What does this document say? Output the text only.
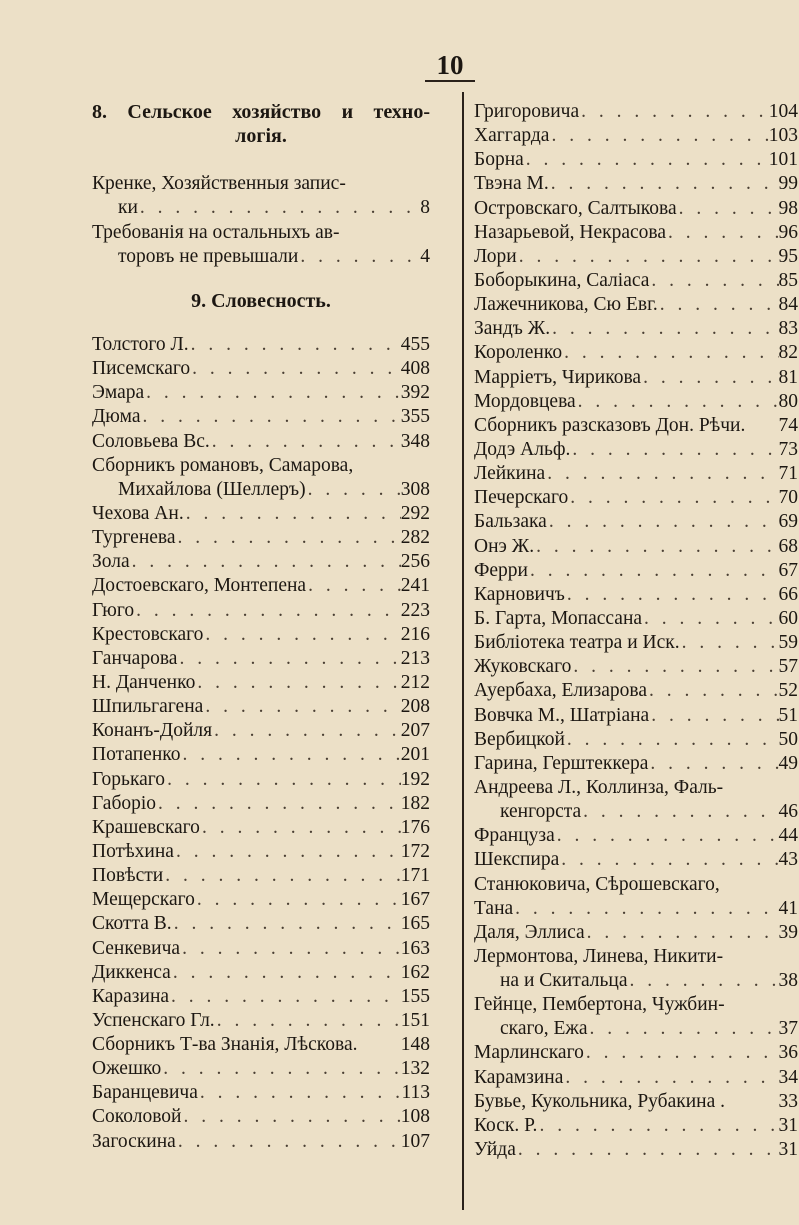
10
8. Сельское хозяйство и техно-
логія.
Кренке, Хозяйственныя запис-
ки . . .	8
Требованія на остальныхъ ав-
торовъ не превышали . . .	4
9. Словесность.
Толстого Л. . . .	455
Писемскаго . . .	408
Эмара . . .	392
Дюма . . .	355
Соловьева Вс. . . .	348
Сборникъ романовъ, Самарова,
Михайлова (Шеллеръ) . . .	308
Чехова Ан. . . .	292
Тургенева . . .	282
Зола . . .	256
Достоевскаго, Монтепена . . .	241
Гюго . . .	223
Крестовскаго . . .	216
Ганчарова . . .	213
Н. Данченко . . .	212
Шпильгагена . . .	208
Конанъ-Дойля . . .	207
Потапенко . . .	201
Горькаго . . .	192
Габоріо . . .	182
Крашевскаго . . .	176
Потѣхина . . .	172
Повѣсти . . .	171
Мещерскаго . . .	167
Скотта В. . . .	165
Сенкевича . . .	163
Диккенса . . .	162
Каразина . . .	155
Успенскаго Гл. . . .	151
Сборникъ Т-ва Знанія, Лѣскова. 148
Ожешко . . .	132
Баранцевича . . .	113
Соколовой . . .	108
Загоскина . . .	107
Григоровича . . .	104
Хаггарда . . .	103
Борна . . .	101
Твэна М. . . .	99
Островскаго, Салтыкова . . .	98
Назарьевой, Некрасова . . .	96
Лори . . .	95
Боборыкина, Саліаса . . .	85
Лажечникова, Сю Евг. . . .	84
Зандъ Ж. . . .	83
Короленко . . .	82
Марріетъ, Чирикова . . .	81
Мордовцева . . .	80
Сборникъ разсказовъ Дон. Рѣчи. 74
Додэ Альф. . . .	73
Лейкина . . .	71
Печерскаго . . .	70
Бальзака . . .	69
Онэ Ж. . . .	68
Ферри . . .	67
Карновичъ . . .	66
Б. Гарта, Мопассана . . .	60
Библіотека театра и Иск. . . .	59
Жуковскаго . . .	57
Ауербаха, Елизарова . . .	52
Вовчка М., Шатріана . . .	51
Вербицкой . . .	50
Гарина, Герштеккера . . .	49
Андреева Л., Коллинза, Фаль-
кенгорста . . .	46
Француза . . .	44
Шекспира . . .	43
Станюковича, Сѣрошевскаго,
Тана . . .	41
Даля, Эллиса . . .	39
Лермонтова, Линева, Никити-
на и Скитальца . . .	38
Гейнце, Пембертона, Чужбин-
скаго, Ежа . . .	37
Марлинскаго . . .	36
Карамзина . . .	34
Бувье, Кукольника, Рубакина .	33
Коск. Р. . . .	31
Уйда . . .	31
